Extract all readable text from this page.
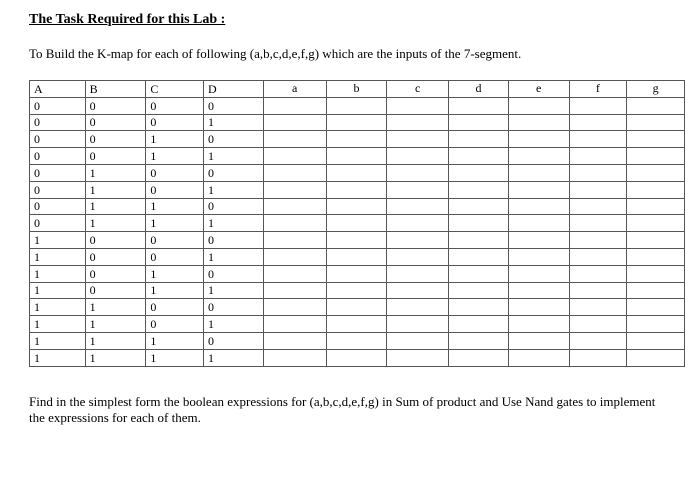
The Task Required for this Lab :
To Build the K-map for each of following (a,b,c,d,e,f,g) which are the inputs of the 7-segment.
A	B	C	D	a	b	c	d	e	f	g
0	0	0	0							
0	0	0	1							
0	0	1	0							
0	0	1	1							
0	1	0	0							
0	1	0	1							
0	1	1	0							
0	1	1	1							
1	0	0	0							
1	0	0	1							
1	0	1	0							
1	0	1	1							
1	1	0	0							
1	1	0	1							
1	1	1	0							
1	1	1	1							
Find in the simplest form the boolean expressions for (a,b,c,d,e,f,g) in Sum of product and Use Nand gates to implement the expressions for each of them.
